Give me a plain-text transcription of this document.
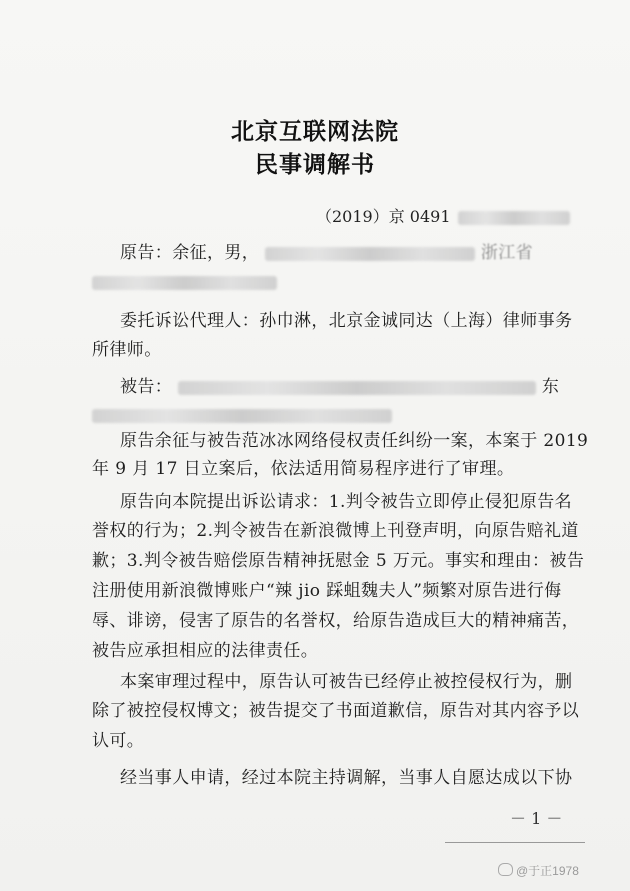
北京互联网法院
民事调解书
（2019）京 0491
原告：余征，男，	浙江省
委托诉讼代理人：孙巾淋，北京金诚同达（上海）律师事务
所律师。
被告：	东
原告余征与被告范冰冰网络侵权责任纠纷一案，本案于 2019
年 9 月 17 日立案后，依法适用简易程序进行了审理。
原告向本院提出诉讼请求：1.判令被告立即停止侵犯原告名
誉权的行为；2.判令被告在新浪微博上刊登声明，向原告赔礼道
歉；3.判令被告赔偿原告精神抚慰金 5 万元。事实和理由：被告
注册使用新浪微博账户“辣 jio 踩蛆魏夫人”频繁对原告进行侮
辱、诽谤，侵害了原告的名誉权，给原告造成巨大的精神痛苦，
被告应承担相应的法律责任。
本案审理过程中，原告认可被告已经停止被控侵权行为，删
除了被控侵权博文；被告提交了书面道歉信，原告对其内容予以
认可。
经当事人申请，经过本院主持调解，当事人自愿达成以下协
－ 1 －
@于正1978
